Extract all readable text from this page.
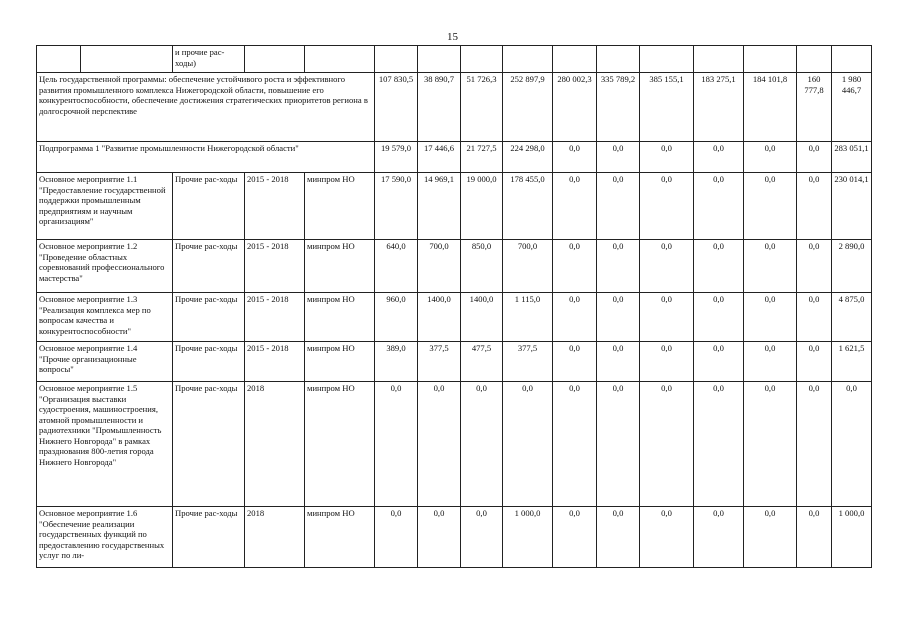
15
		и прочие рас-ходы)													
Цель государственной программы: обеспечение устойчивого роста и эффективного развития промышленного комплекса Нижегородской области, повышение его конкурентоспособности, обеспечение достижения стратегических приоритетов региона в долгосрочной перспективе					107 830,5	38 890,7	51 726,3	252 897,9	280 002,3	335 789,2	385 155,1	183 275,1	184 101,8	160 777,8	1 980 446,7
Подпрограмма 1 "Развитие промышленности Нижегородской области"					19 579,0	17 446,6	21 727,5	224 298,0	0,0	0,0	0,0	0,0	0,0	0,0	283 051,1
Основное мероприятие 1.1 "Предоставление государственной поддержки промышленным предприятиям и научным организациям"		Прочие рас-ходы	2015 - 2018	минпром НО	17 590,0	14 969,1	19 000,0	178 455,0	0,0	0,0	0,0	0,0	0,0	0,0	230 014,1
Основное мероприятие 1.2 "Проведение областных соревнований профессионального мастерства"		Прочие рас-ходы	2015 - 2018	минпром НО	640,0	700,0	850,0	700,0	0,0	0,0	0,0	0,0	0,0	0,0	2 890,0
Основное мероприятие 1.3 "Реализация комплекса мер по вопросам качества и конкурентоспособности"		Прочие рас-ходы	2015 - 2018	минпром НО	960,0	1400,0	1400,0	1 115,0	0,0	0,0	0,0	0,0	0,0	0,0	4 875,0
Основное мероприятие 1.4 "Прочие организационные вопросы"		Прочие рас-ходы	2015 - 2018	минпром НО	389,0	377,5	477,5	377,5	0,0	0,0	0,0	0,0	0,0	0,0	1 621,5
Основное мероприятие 1.5 "Организация выставки судостроения, машиностроения, атомной промышленности и радиотехники "Промышленность Нижнего Новгорода" в рамках празднования 800-летия города Нижнего Новгорода"		Прочие рас-ходы	2018	минпром НО	0,0	0,0	0,0	0,0	0,0	0,0	0,0	0,0	0,0	0,0	0,0
Основное мероприятие 1.6 "Обеспечение реализации государственных функций по предоставлению государственных услуг по ли-		Прочие рас-ходы	2018	минпром НО	0,0	0,0	0,0	1 000,0	0,0	0,0	0,0	0,0	0,0	0,0	1 000,0
